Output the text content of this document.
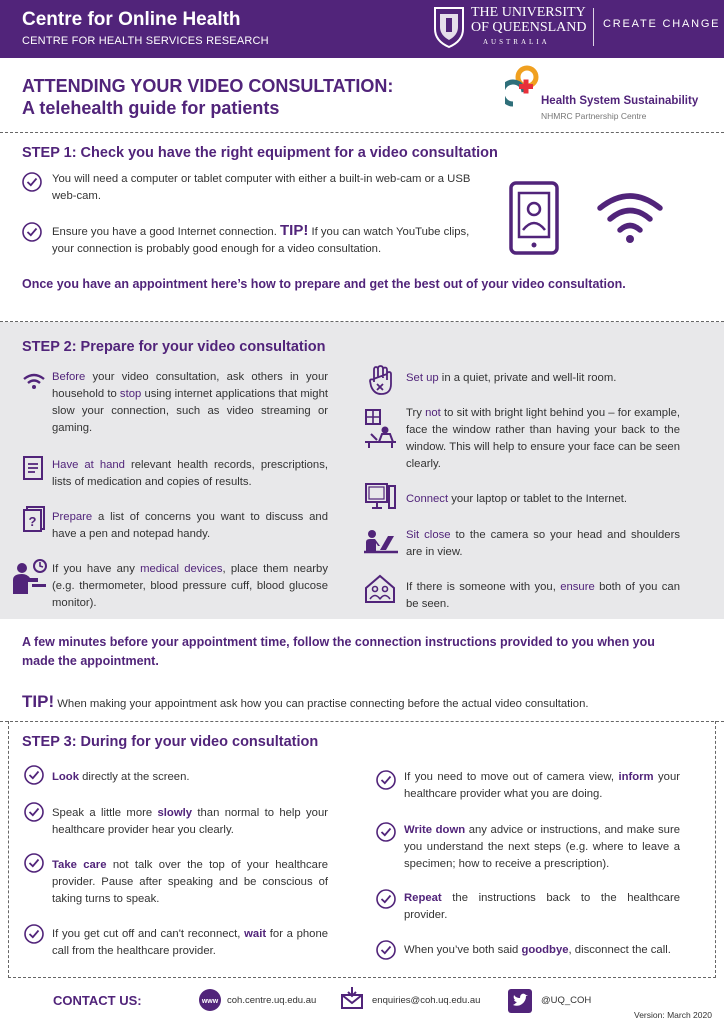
Centre for Online Health
CENTRE FOR HEALTH SERVICES RESEARCH
THE UNIVERSITY
OF QUEENSLAND
AUSTRALIA
CREATE CHANGE
ATTENDING YOUR VIDEO CONSULTATION:
A telehealth guide for patients	Health System Sustainability
NHMRC Partnership Centre
STEP 1: Check you have the right equipment for a video consultation
You will need a computer or tablet computer with either a built-in web-cam or a USB web-cam.
Ensure you have a good Internet connection. TIP! If you can watch YouTube clips, your connection is probably good enough for a video consultation.
Once you have an appointment here’s how to prepare and get the best out of your video consultation.
STEP 2: Prepare for your video consultation
Before your video consultation, ask others in your household to stop using internet applications that might slow your connection, such as video streaming or gaming.
Have at hand relevant health records, prescriptions, lists of medication and copies of results.
? Prepare a list of concerns you want to discuss and have a pen and notepad handy.
If you have any medical devices, place them nearby (e.g. thermometer, blood pressure cuff, blood glucose monitor).
Set up in a quiet, private and well-lit room.
Try not to sit with bright light behind you – for example, face the window rather than having your back to the window. This will help to ensure your face can be seen clearly.
Connect your laptop or tablet to the Internet.
Sit close to the camera so your head and shoulders are in view.
If there is someone with you, ensure both of you can be seen.
A few minutes before your appointment time, follow the connection instructions provided to you when you made the appointment.
TIP! When making your appointment ask how you can practise connecting before the actual video consultation.
STEP 3: During for your video consultation
Look directly at the screen.
Speak a little more slowly than normal to help your healthcare provider hear you clearly.
Take care not talk over the top of your healthcare provider. Pause after speaking and be conscious of taking turns to speak.
If you get cut off and can't reconnect, wait for a phone call from the healthcare provider.
If you need to move out of camera view, inform your healthcare provider what you are doing.
Write down any advice or instructions, and make sure you understand the next steps (e.g. where to leave a specimen; how to receive a prescription).
Repeat the instructions back to the healthcare provider.
When you’ve both said goodbye, disconnect the call.
CONTACT US:	www coh.centre.uq.edu.au	enquiries@coh.uq.edu.au	@UQ_COH
Version: March 2020
